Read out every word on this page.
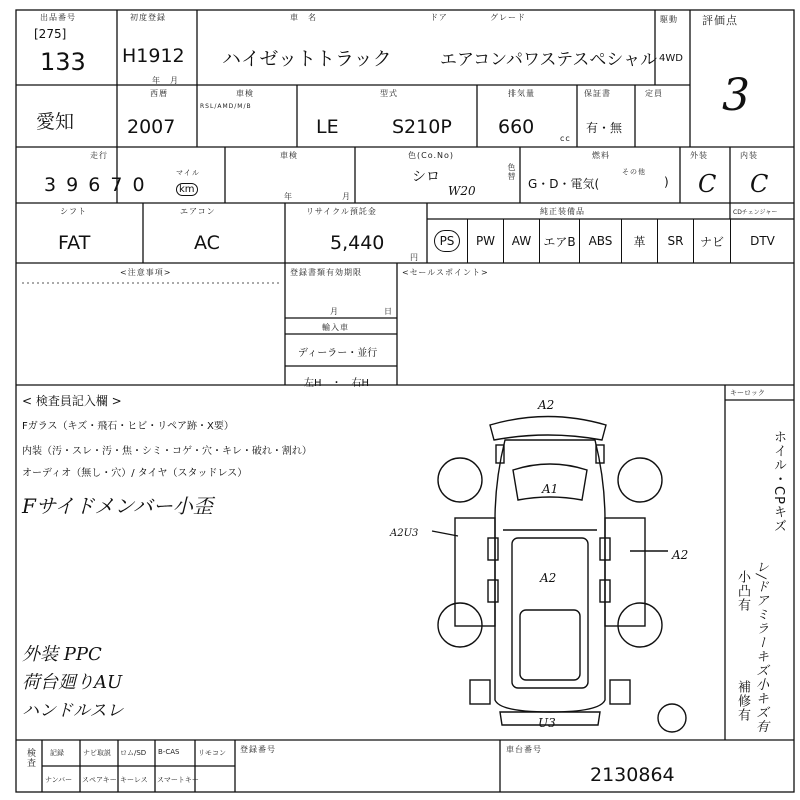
出品番号
[275]
133
初度登録
H1912
年　月
車　名
ハイゼットトラック
ドア	グレード
エアコンパワステスペシャル
駆動
4WD
評価点
3
愛知
西暦
2007
車検
RSL/AMD/M/B
型式
LE	S210P
排気量
660
cc
保証書
有・無
定員
走行
3 9 6 7 0
マイル
km
車検
年	月
色(Co.No)
シロ
W20
色替
燃料
G・D・電気(
その他
)
外装
C
内装
C
シフト
FAT
エアコン
AC
リサイクル預託金
5,440
円
純正装備品	CDチェンジャー
PS	PW AW エアB ABS 革 SR ナビ DTV
<注意事項>	登録書類有効期限
月	日
輸入車
ディーラー・並行
左H　・　右H
<セールスポイント>
< 検査員記入欄 >
Fガラス（キズ・飛石・ヒビ・リペア跡・X要）
内装（汚・スレ・汚・焦・シミ・コゲ・穴・キレ・破れ・割れ）
オーディオ（無し・穴）/ タイヤ（スタッドレス）
Fサイドメンバー小歪
外装 PPC
荷台廻りAU
ハンドルスレ
A2
A1
A2U3
A2
A2
U3
キーロック
ホイル・CPキズ
レ/ドアミラーキズ小キズ有
小凸有
補修有
検査 記録	ナビ取説 ロム/SD B-CAS	リモコン
ナンバー スペアキー キーレス スマートキー
登録番号	車台番号
2130864
